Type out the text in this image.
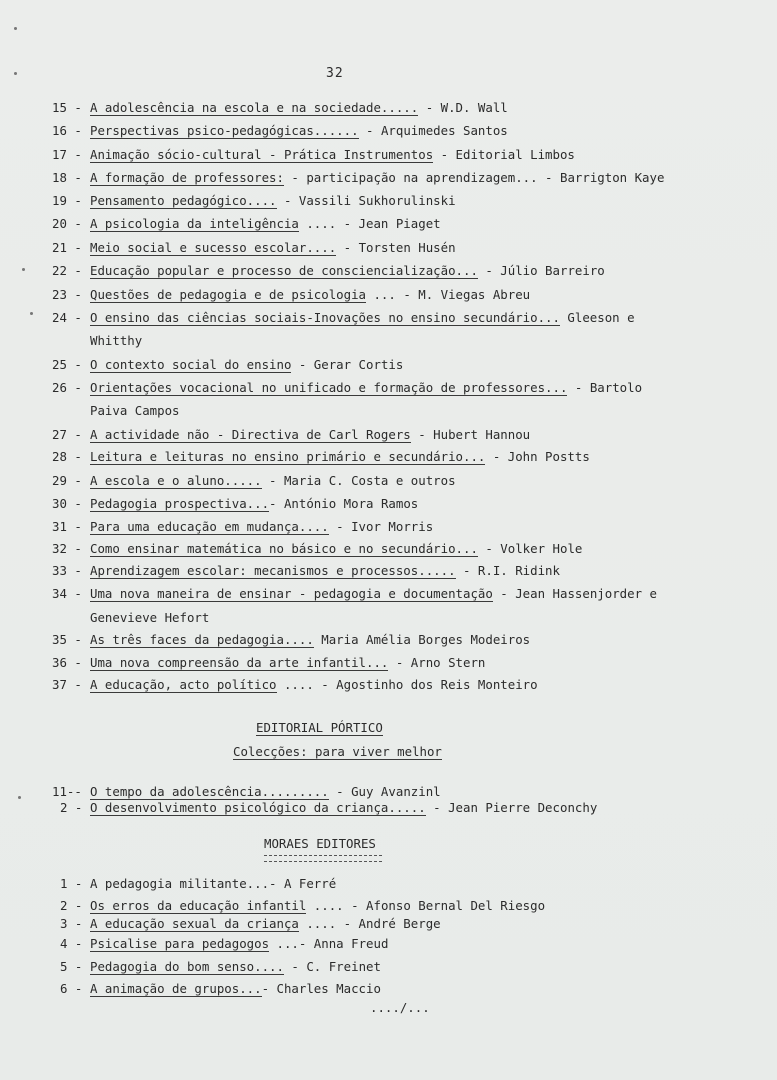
32
15 - A adolescência na escola e na sociedade..... - W.D. Wall
16 - Perspectivas psico-pedagógicas...... - Arquimedes Santos
17 - Animação sócio-cultural - Prática Instrumentos - Editorial Limbos
18 - A formação de professores: - participação na aprendizagem... - Barrigton Kaye
19 - Pensamento pedagógico.... - Vassili Sukhorulinski
20 - A psicologia da inteligência .... - Jean Piaget
21 - Meio social e sucesso escolar.... - Torsten Husén
22 - Educação popular e processo de consciencialização... - Júlio Barreiro
23 - Questões de pedagogia e de psicologia ... - M. Viegas Abreu
24 - O ensino das ciências sociais-Inovações no ensino secundário... Gleeson e
Whitthy
25 - O contexto social do ensino - Gerar Cortis
26 - Orientações vocacional no unificado e formação de professores... - Bartolo
Paiva Campos
27 - A actividade não - Directiva de Carl Rogers - Hubert Hannou
28 - Leitura e leituras no ensino primário e secundário... - John Postts
29 - A escola e o aluno..... - Maria C. Costa e outros
30 - Pedagogia prospectiva...- António Mora Ramos
31 - Para uma educação em mudança.... - Ivor Morris
32 - Como ensinar matemática no básico e no secundário... - Volker Hole
33 - Aprendizagem escolar: mecanismos e processos..... - R.I. Ridink
34 - Uma nova maneira de ensinar - pedagogia e documentação - Jean Hassenjorder e
Genevieve Hefort
35 - As três faces da pedagogia.... Maria Amélia Borges Modeiros
36 - Uma nova compreensão da arte infantil... - Arno Stern
37 - A educação, acto político .... - Agostinho dos Reis Monteiro
EDITORIAL PÓRTICO
Colecções: para viver melhor
11-- O tempo da adolescência......... - Guy Avanzinl
2 - O desenvolvimento psicológico da criança..... - Jean Pierre Deconchy
MORAES EDITORES
1 - A pedagogia militante...- A Ferré
2 - Os erros da educação infantil .... - Afonso Bernal Del Riesgo
3 - A educação sexual da criança .... - André Berge
4 - Psicalise para pedagogos ...- Anna Freud
5 - Pedagogia do bom senso.... - C. Freinet
6 - A animação de grupos...- Charles Maccio
..../...
